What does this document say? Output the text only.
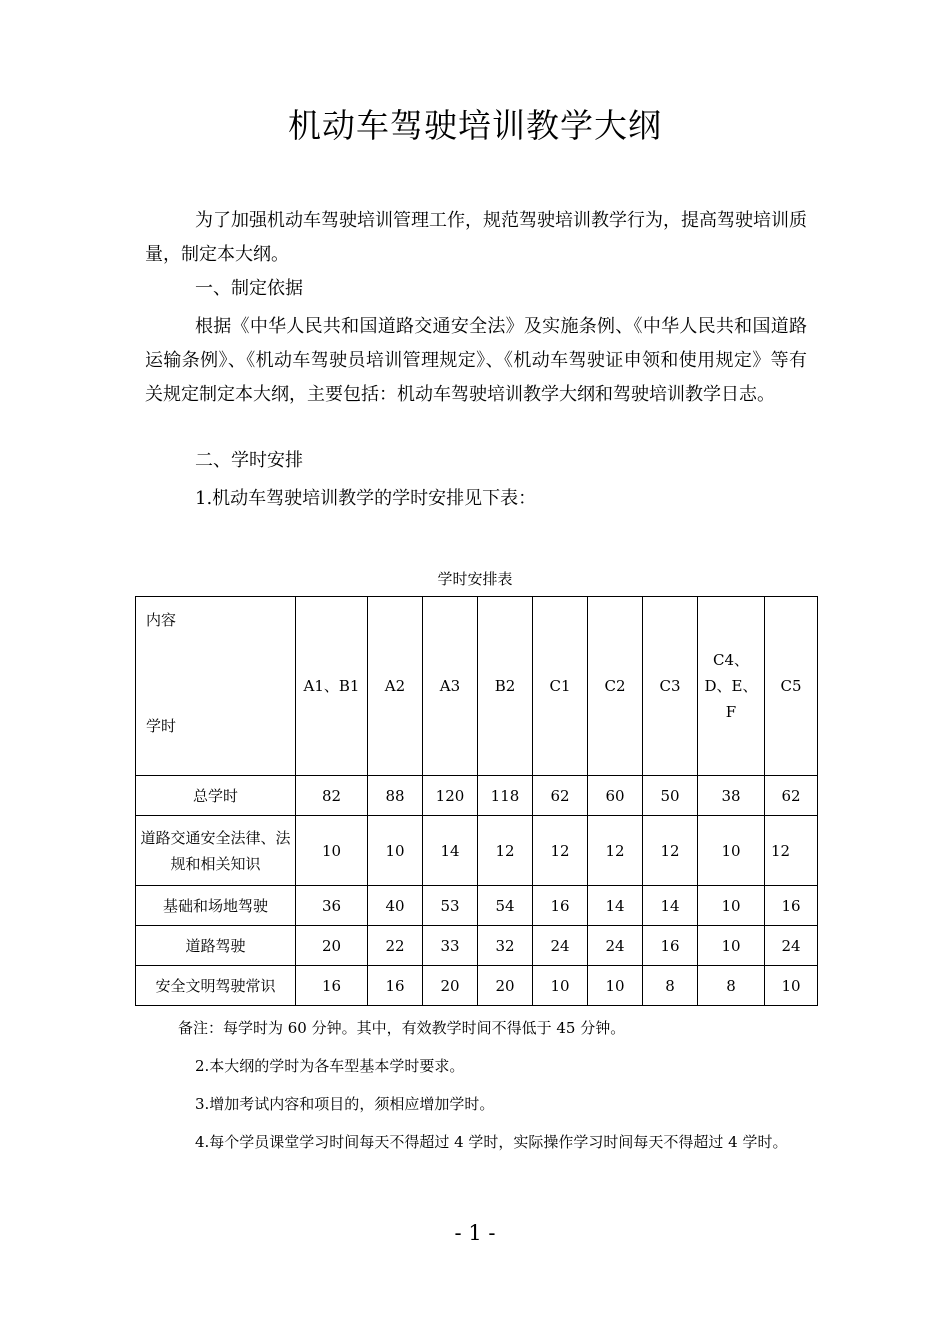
机动车驾驶培训教学大纲

为了加强机动车驾驶培训管理工作，规范驾驶培训教学行为，提高驾驶培训质量，制定本大纲。

一、制定依据

根据《中华人民共和国道路交通安全法》及实施条例、《中华人民共和国道路运输条例》、《机动车驾驶员培训管理规定》、《机动车驾驶证申领和使用规定》等有关规定制定本大纲，主要包括：机动车驾驶培训教学大纲和驾驶培训教学日志。

二、学时安排

1.机动车驾驶培训教学的学时安排见下表：

学时安排表
内容
学时	A1、B1	A2	A3	B2	C1	C2	C3	C4、D、E、F	C5
总学时	82	88	120	118	62	60	50	38	62
道路交通安全法律、法规和相关知识	10	10	14	12	12	12	12	10	12
基础和场地驾驶	36	40	53	54	16	14	14	10	16
道路驾驶	20	22	33	32	24	24	16	10	24
安全文明驾驶常识	16	16	20	20	10	10	8	8	10
备注：每学时为 60 分钟。其中，有效教学时间不得低于 45 分钟。

2.本大纲的学时为各车型基本学时要求。

3.增加考试内容和项目的，须相应增加学时。

4.每个学员课堂学习时间每天不得超过 4 学时，实际操作学习时间每天不得超过 4 学时。

- 1 -
